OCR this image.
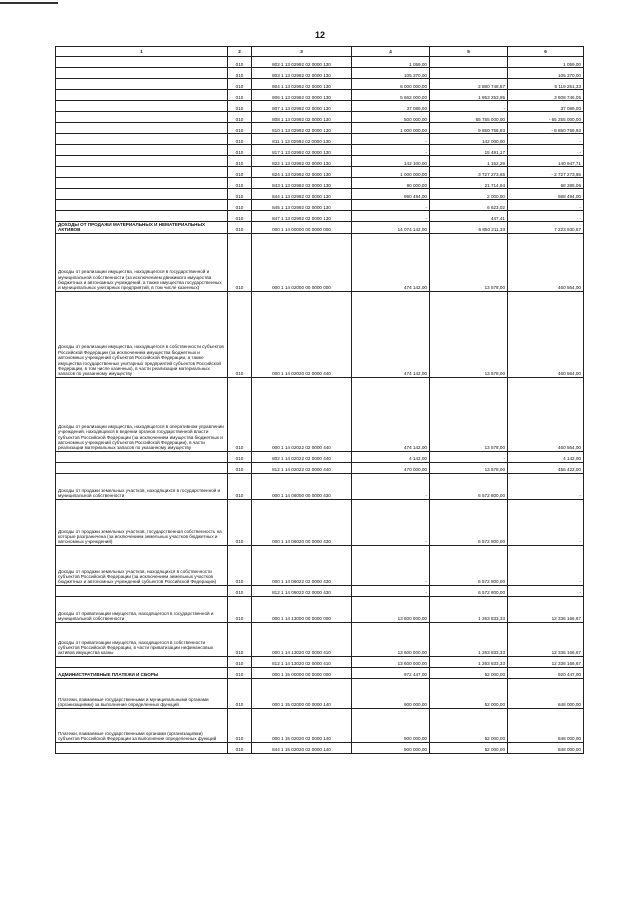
12
1	2	3	4	5	6
	010	802 1 13 02992 02 0000 130	1 059,00		1 059,00
	010	803 1 13 02992 02 0000 130	105 370,00		105 370,00
	010	804 1 13 02992 02 0000 130	8 000 000,00	2 880 748,67	5 119 251,33
	010	806 1 13 02992 02 0000 130	5 662 000,00	1 953 253,95	3 608 746,05
	010	807 1 13 02992 02 0000 130	37 089,00	-	37 089,00
	010	808 1 13 02992 02 0000 130	500 000,00	65 755 000,00	- 65 255 000,00
	010	810 1 13 02992 02 0000 130	1 000 000,00	9 850 756,93	- 8 850 756,93
	010	811 1 13 02992 02 0000 130	-	142 000,00	-
	010	817 1 13 02992 02 0000 130	-	15 491,17	-
	010	822 1 13 02992 02 0000 130	142 100,00	1 152,29	140 947,71
	010	824 1 13 02992 02 0000 130	1 000 000,00	3 727 273,65	- 2 727 273,65
	010	843 1 13 02992 02 0000 130	90 000,00	21 714,94	68 285,06
	010	844 1 13 02992 02 0000 130	990 494,00	2 000,00	988 494,00
	010	845 1 13 02992 02 0000 130	-	6 623,02	-
	010	847 1 13 02992 02 0000 130	-	447,41	-
ДОХОДЫ ОТ ПРОДАЖИ МАТЕРИАЛЬНЫХ И НЕМАТЕРИАЛЬНЫХ АКТИВОВ	010	000 1 14 00000 00 0000 000	14 074 142,00	6 850 211,33	7 223 930,67
Доходы от реализации имущества, находящегося в государственной и муниципальной собственности (за исключением движимого имущества бюджетных и автономных учреждений, а также имущества государственных и муниципальных унитарных предприятий, в том числе казенных)	010	000 1 14 02000 00 0000 000	474 142,00	13 578,00	460 564,00
Доходы от реализации имущества, находящегося в собственности субъектов Российской Федерации (за исключением имущества бюджетных и автономных учреждений субъектов Российской Федерации, а также имущества государственных унитарных предприятий субъектов Российской Федерации, в том числе казенных), в части реализации материальных запасов по указанному имуществу	010	000 1 14 02020 02 0000 440	474 142,00	13 578,00	460 564,00
Доходы от реализации имущества, находящегося в оперативном управлении учреждений, находящихся в ведении органов государственной власти субъектов Российской Федерации (за исключением имущества бюджетных и автономных учреждений субъектов Российской Федерации), в части реализации материальных запасов по указанному имуществу	010	000 1 14 02022 02 0000 440	474 142,00	13 578,00	460 564,00
	010	802 1 14 02022 02 0000 440	4 142,00	-	4 142,00
	010	812 1 14 02022 02 0000 440	470 000,00	13 578,00	456 422,00
Доходы от продажи земельных участков, находящихся в государственной и муниципальной собственности	010	000 1 14 06000 00 0000 430	-	6 572 800,00	-
Доходы от продажи земельных участков, государственная собственность на которые разграничена (за исключением земельных участков бюджетных и автономных учреждений)	010	000 1 14 06020 00 0000 430	-	6 572 800,00	-
Доходы от продажи земельных участков, находящихся в собственности субъектов Российской Федерации (за исключением земельных участков бюджетных и автономных учреждений субъектов Российской Федерации)	010	000 1 14 06022 02 0000 430	-	6 572 800,00	-
	010	812 1 14 06022 02 0000 430	-	6 572 800,00	-
Доходы от приватизации имущества, находящегося в государственной и муниципальной собственности	010	000 1 14 13000 00 0000 000	13 600 000,00	1 263 833,33	12 336 166,67
Доходы от приватизации имущества, находящегося в собственности субъектов Российской Федерации, в части приватизации нефинансовых активов имущества казны	010	000 1 14 13020 02 0000 410	13 600 000,00	1 263 833,33	12 336 166,67
	010	812 1 14 13020 02 0000 410	13 600 000,00	1 263 833,33	12 336 166,67
АДМИНИСТРАТИВНЫЕ ПЛАТЕЖИ И СБОРЫ	010	000 1 15 00000 00 0000 000	972 447,00	52 000,00	920 447,00
Платежи, взимаемые государственными и муниципальными органами (организациями) за выполнение определенных функций	010	000 1 15 02000 00 0000 140	900 000,00	52 000,00	848 000,00
Платежи, взимаемые государственными органами (организациями) субъектов Российской Федерации за выполнение определенных функций	010	000 1 15 02020 02 0000 140	900 000,00	52 000,00	848 000,00
	010	844 1 15 02020 02 0000 140	900 000,00	52 000,00	848 000,00
